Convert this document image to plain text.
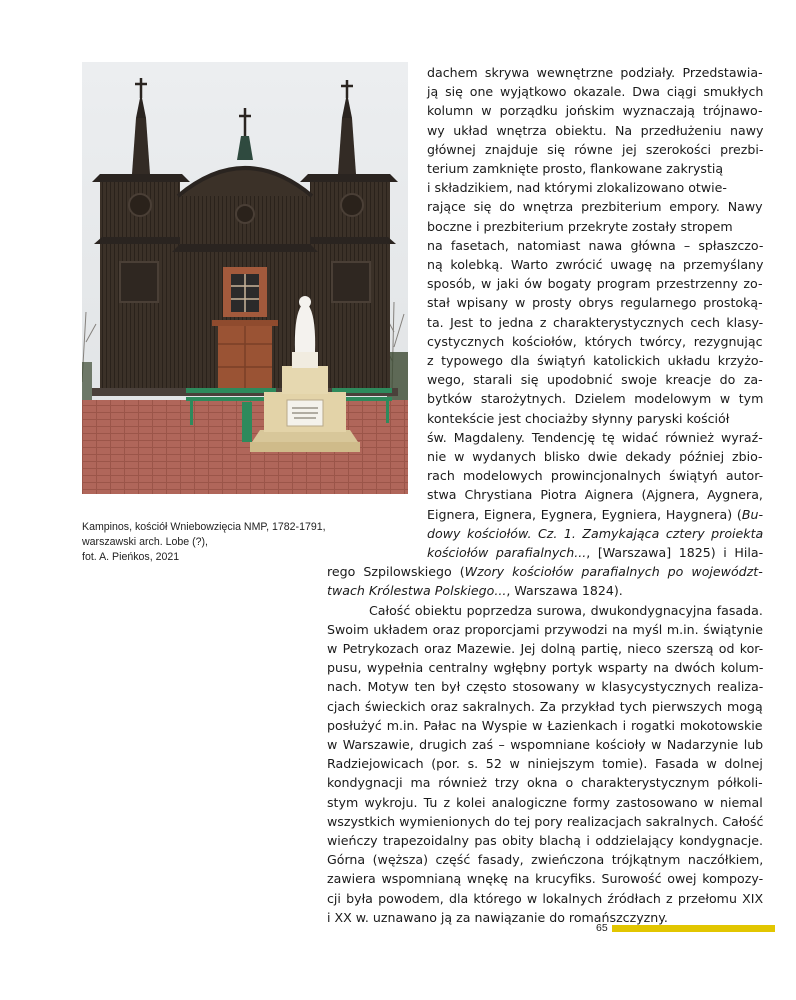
Kampinos, kościół Wniebowzięcia NMP, 1782-1791,
warszawski arch. Lobe (?),
fot. A. Pieńkos, 2021
dachem skrywa wewnętrzne podziały. Przedstawia-
ją się one wyjątkowo okazale. Dwa ciągi smukłych
kolumn w porządku jońskim wyznaczają trójnawo-
wy układ wnętrza obiektu. Na przedłużeniu nawy
głównej znajduje się równe jej szerokości prezbi-
terium zamknięte prosto, flankowane zakrystią
i składzikiem, nad którymi zlokalizowano otwie-
rające się do wnętrza prezbiterium empory. Nawy
boczne i prezbiterium przekryte zostały stropem
na fasetach, natomiast nawa główna – spłaszczo-
ną kolebką. Warto zwrócić uwagę na przemyślany
sposób, w jaki ów bogaty program przestrzenny zo-
stał wpisany w prosty obrys regularnego prostoką-
ta. Jest to jedna z charakterystycznych cech klasy-
cystycznych kościołów, których twórcy, rezygnując
z typowego dla świątyń katolickich układu krzyżo-
wego, starali się upodobnić swoje kreacje do za-
bytków starożytnych. Dzielem modelowym w tym
kontekście jest chociażby słynny paryski kościół
św. Magdaleny. Tendencję tę widać również wyraź-
nie w wydanych blisko dwie dekady później zbio-
rach modelowych prowincjonalnych świątyń autor-
stwa Chrystiana Piotra Aignera (Ajgnera, Aygnera,
Eignera, Eignera, Eygnera, Eygniera, Haygnera) (Bu-
dowy kościołów. Cz. 1. Zamykająca cztery proiekta
kościołów parafialnych..., [Warszawa] 1825) i Hila-
rego Szpilowskiego (Wzory kościołów parafialnych po województ-
twach Królestwa Polskiego..., Warszawa 1824).
Całość obiektu poprzedza surowa, dwukondygnacyjna fasada.
Swoim układem oraz proporcjami przywodzi na myśl m.in. świątynie
w Petrykozach oraz Mazewie. Jej dolną partię, nieco szerszą od kor-
pusu, wypełnia centralny wgłębny portyk wsparty na dwóch kolum-
nach. Motyw ten był często stosowany w klasycystycznych realiza-
cjach świeckich oraz sakralnych. Za przykład tych pierwszych mogą
posłużyć m.in. Pałac na Wyspie w Łazienkach i rogatki mokotowskie
w Warszawie, drugich zaś – wspomniane kościoły w Nadarzynie lub
Radziejowicach (por. s. 52 w niniejszym tomie). Fasada w dolnej
kondygnacji ma również trzy okna o charakterystycznym półkoli-
stym wykroju. Tu z kolei analogiczne formy zastosowano w niemal
wszystkich wymienionych do tej pory realizacjach sakralnych. Całość
wieńczy trapezoidalny pas obity blachą i oddzielający kondygnacje.
Górna (węższa) część fasady, zwieńczona trójkątnym naczółkiem,
zawiera wspomnianą wnękę na krucyfiks. Surowość owej kompozy-
cji była powodem, dla którego w lokalnych źródłach z przełomu XIX
i XX w. uznawano ją za nawiązanie do romańszczyzny.
65
